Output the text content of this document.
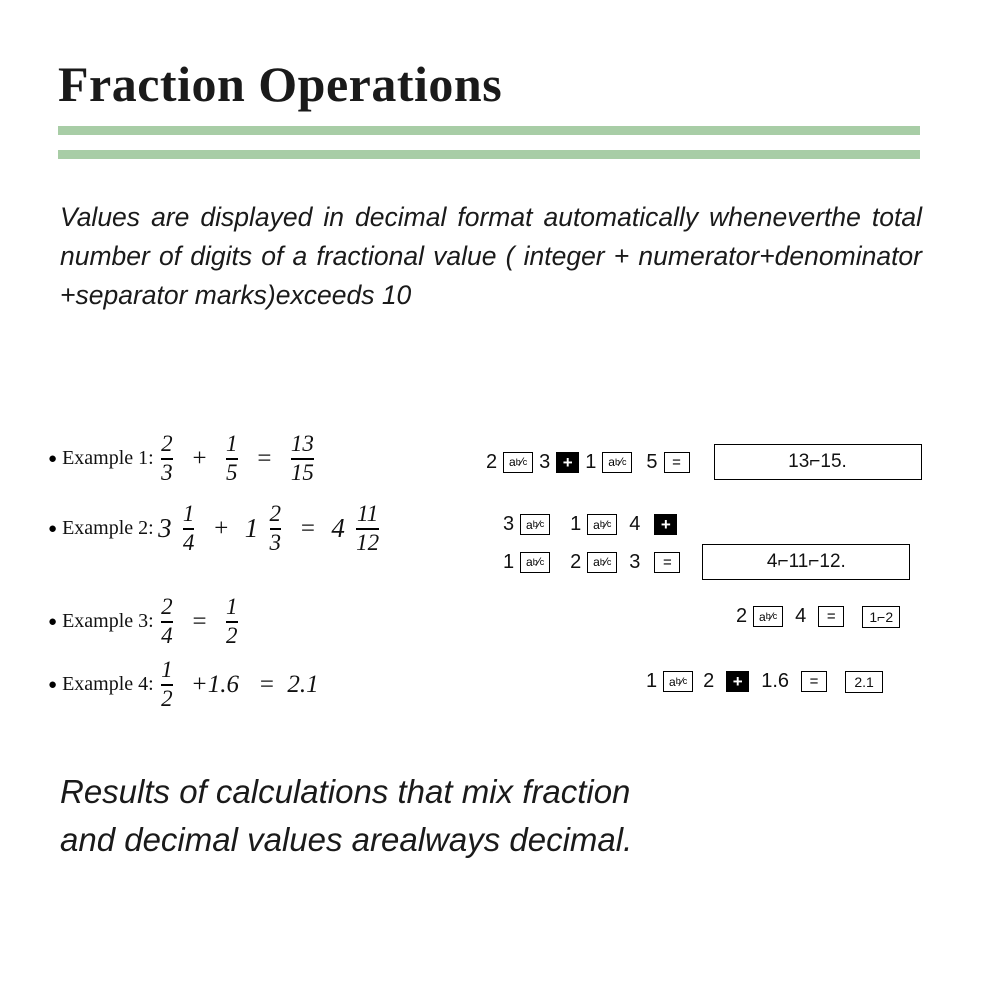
Fraction Operations
Values are displayed in decimal format automatically wheneverthe total number of digits of a fractional value ( integer + numerator+denominator +separator marks)exceeds 10
● Example 1: $\frac{2}{3} + \frac{1}{5} = \frac{13}{15}$	2 a b ⁄ c 3 + 1 a b ⁄ c 5 =	13⌐15.
● Example 2: $3 \frac{1}{4} + 1 \frac{2}{3} = 4 \frac{11}{12}$	3 a b ⁄ c 1 a b ⁄ c 4	+
1 a b ⁄ c 2 a b ⁄ c 3	=	4⌐11⌐12.
● Example 3: $\frac{2}{4} = \frac{1}{2}$	2 a b ⁄ c 4	=	1⌐2
● Example 4: $\frac{1}{2} +1.6 = 2.1$	1 a b ⁄ c 2	+ 1.6	=	2.1
Results of calculations that mix fraction
and decimal values arealways decimal.
